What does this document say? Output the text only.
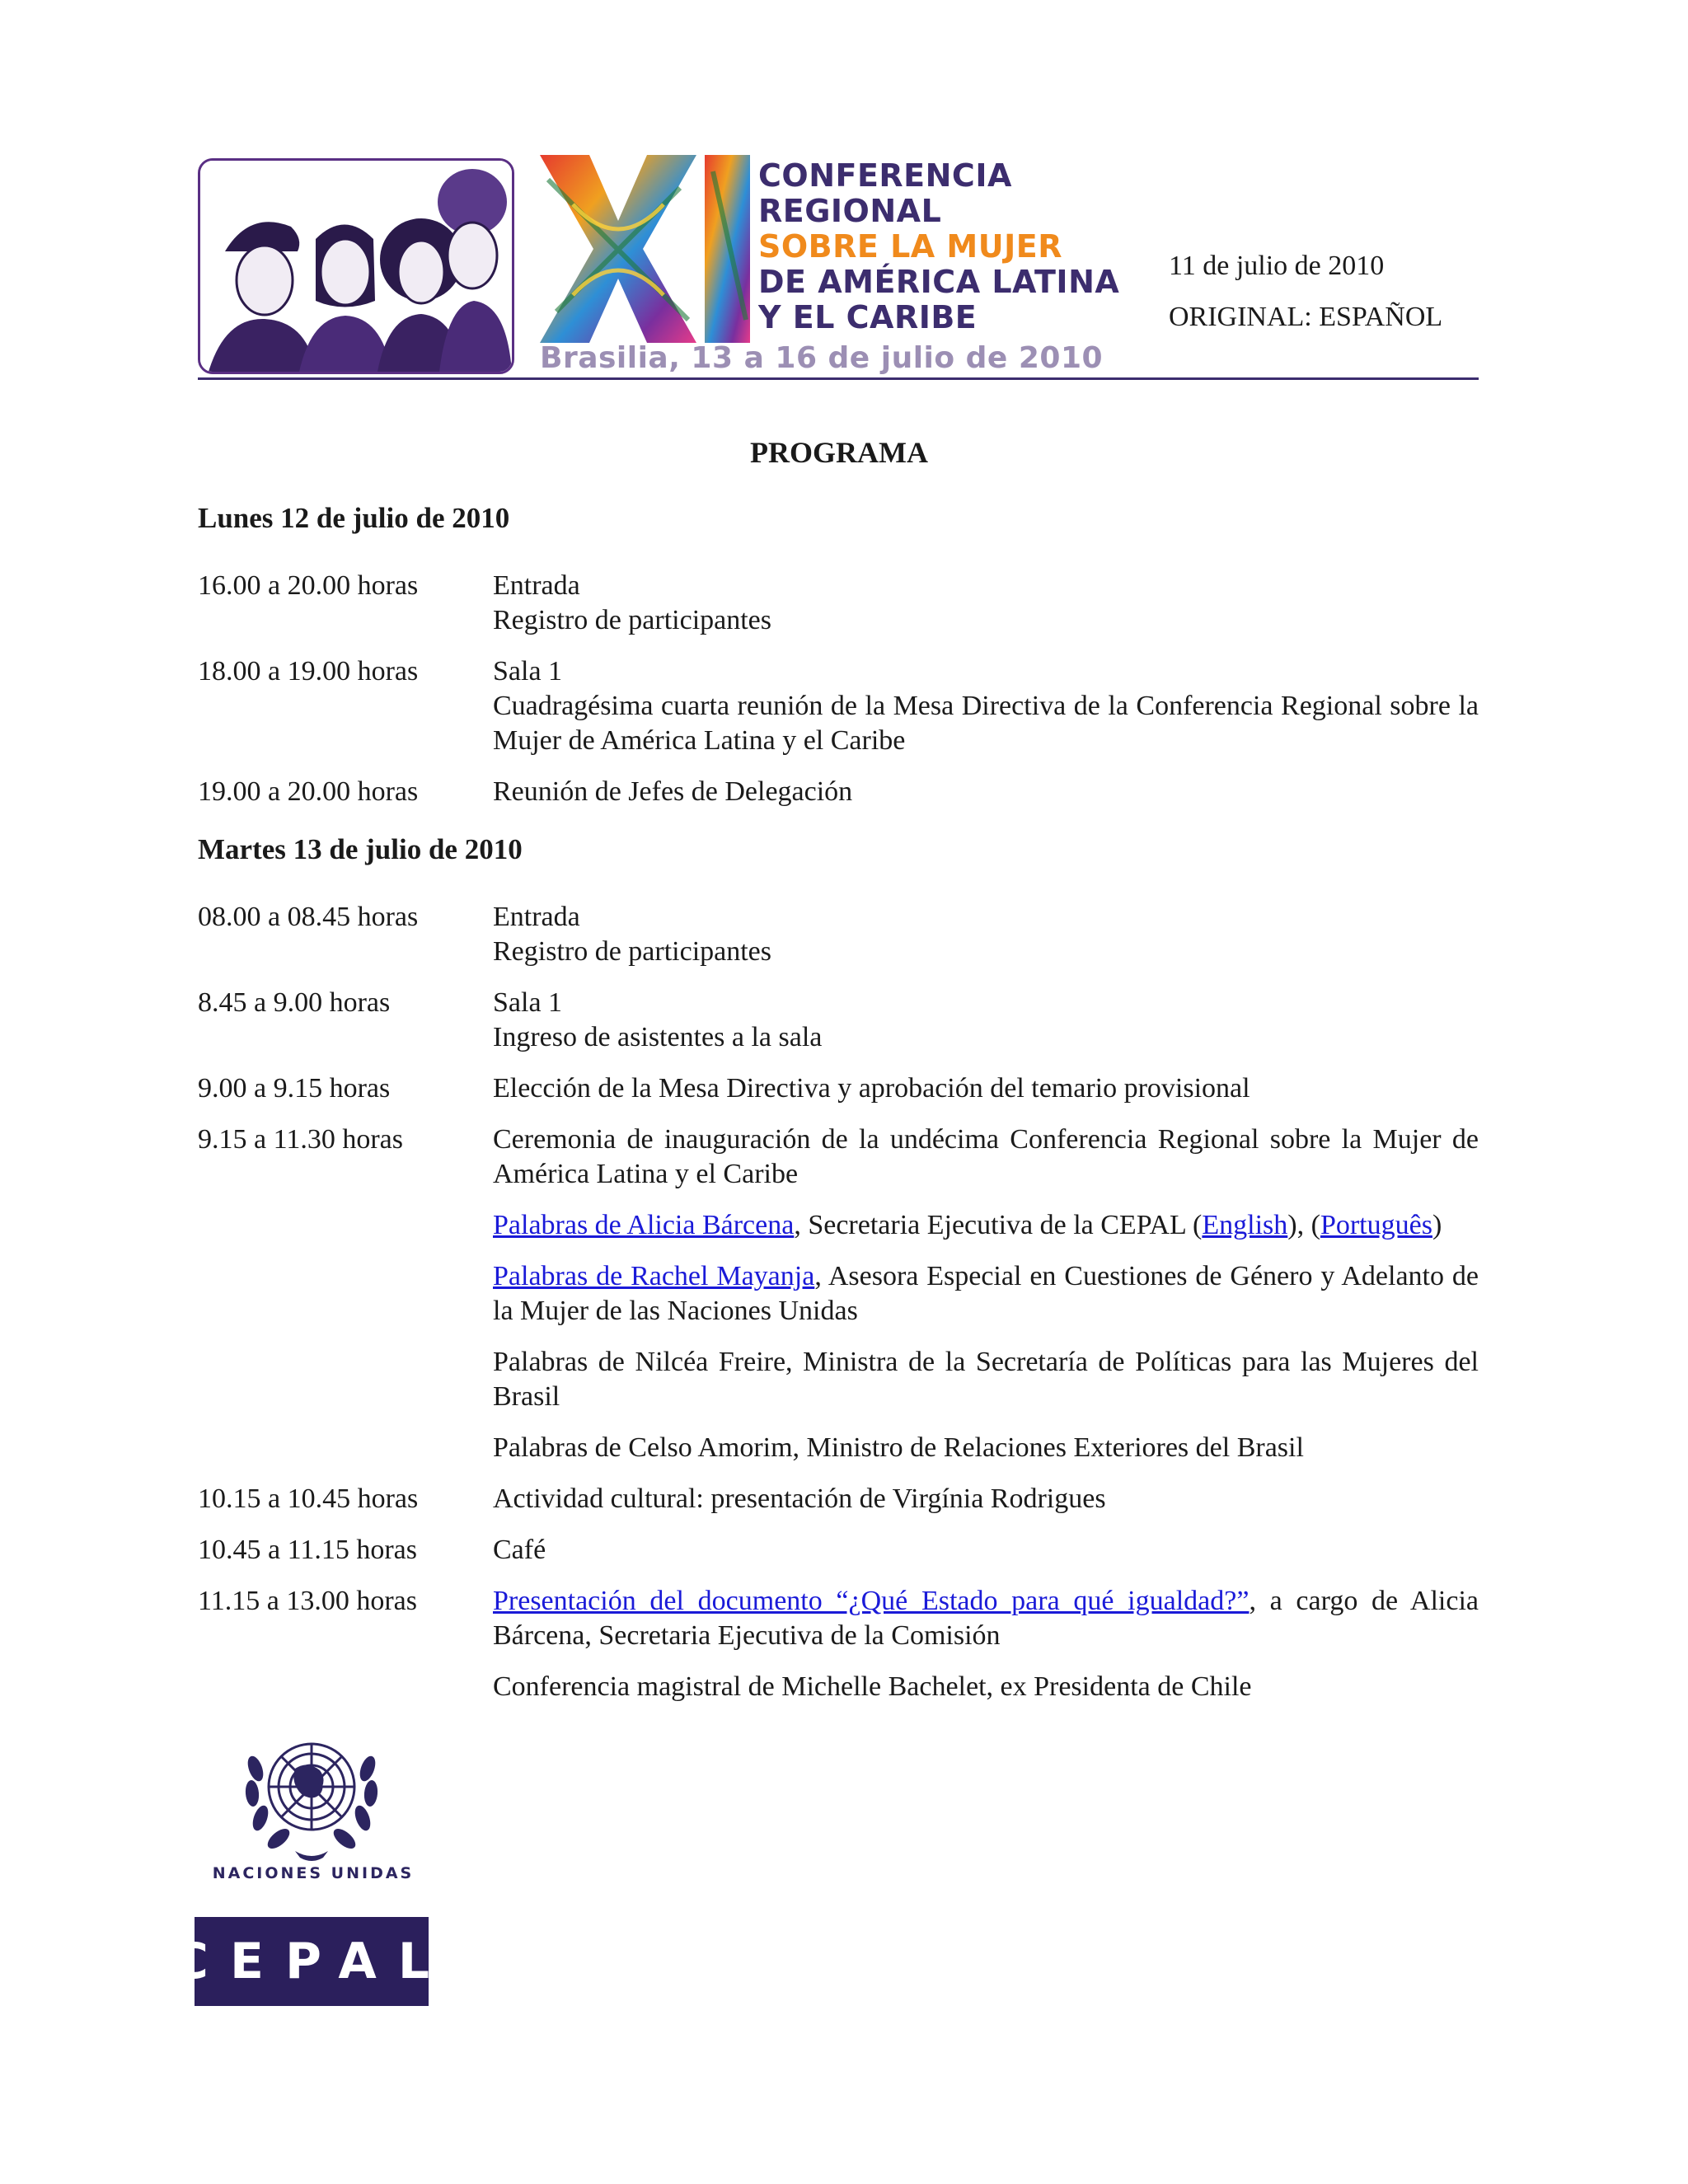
CONFERENCIA
REGIONAL
SOBRE LA MUJER
DE AMÉRICA LATINA
Y EL CARIBE
Brasilia, 13 a 16 de julio de 2010
11 de julio de 2010
ORIGINAL: ESPAÑOL
PROGRAMA
Lunes 12 de julio de 2010
16.00 a 20.00 horas	Entrada
Registro de participantes
18.00 a 19.00 horas	Sala 1
Cuadragésima cuarta reunión de la Mesa Directiva de la Conferencia Regional sobre la Mujer de América Latina y el Caribe
19.00 a 20.00 horas	Reunión de Jefes de Delegación
Martes 13 de julio de 2010
08.00 a 08.45 horas	Entrada
Registro de participantes
8.45 a 9.00 horas	Sala 1
Ingreso de asistentes a la sala
9.00 a 9.15 horas	Elección de la Mesa Directiva y aprobación del temario provisional
9.15 a 11.30 horas	Ceremonia de inauguración de la undécima Conferencia Regional sobre la Mujer de América Latina y el Caribe
Palabras de Alicia Bárcena, Secretaria Ejecutiva de la CEPAL (English), (Português)
Palabras de Rachel Mayanja, Asesora Especial en Cuestiones de Género y Adelanto de la Mujer de las Naciones Unidas
Palabras de Nilcéa Freire, Ministra de la Secretaría de Políticas para las Mujeres del Brasil
Palabras de Celso Amorim, Ministro de Relaciones Exteriores del Brasil
10.15 a 10.45 horas	Actividad cultural: presentación de Virgínia Rodrigues
10.45 a 11.15 horas	Café
11.15 a 13.00 horas	Presentación del documento “¿Qué Estado para qué igualdad?”, a cargo de Alicia Bárcena, Secretaria Ejecutiva de la Comisión
Conferencia magistral de Michelle Bachelet, ex Presidenta de Chile
NACIONES UNIDAS
CEPAL
